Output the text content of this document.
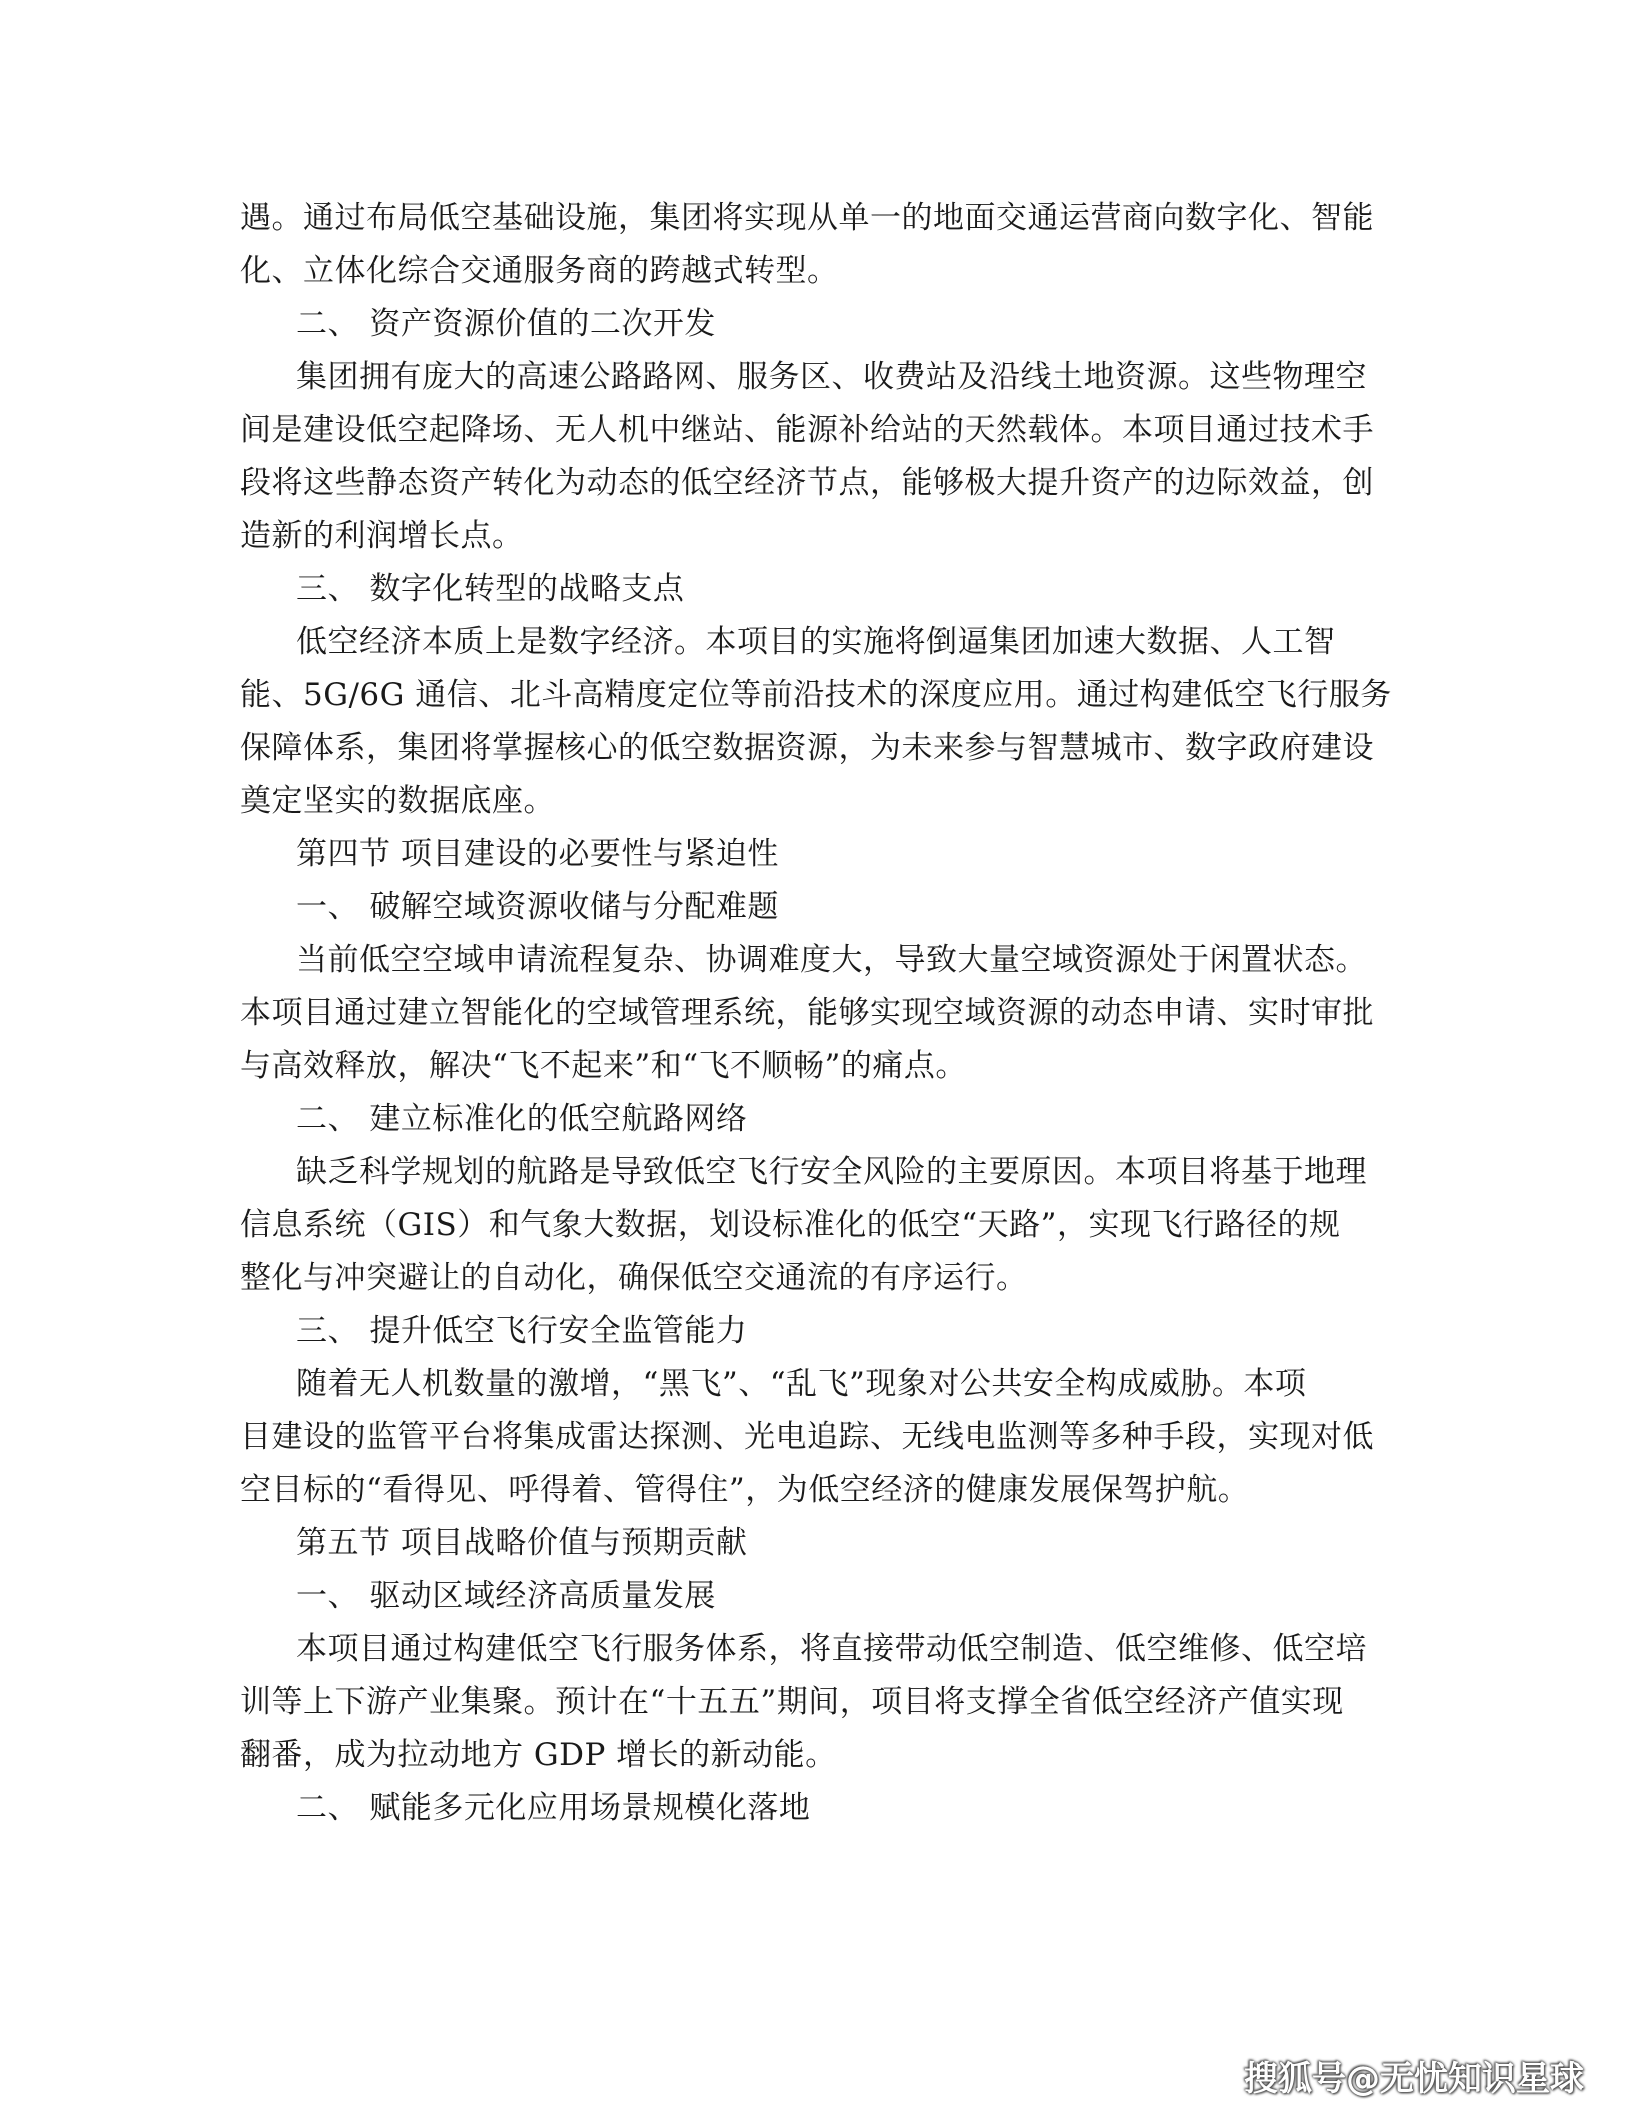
遇。通过布局低空基础设施，集团将实现从单一的地面交通运营商向数字化、智能

化、立体化综合交通服务商的跨越式转型。

二、 资产资源价值的二次开发

集团拥有庞大的高速公路路网、服务区、收费站及沿线土地资源。这些物理空

间是建设低空起降场、无人机中继站、能源补给站的天然载体。本项目通过技术手

段将这些静态资产转化为动态的低空经济节点，能够极大提升资产的边际效益，创

造新的利润增长点。

三、 数字化转型的战略支点

低空经济本质上是数字经济。本项目的实施将倒逼集团加速大数据、人工智

能、5G/6G 通信、北斗高精度定位等前沿技术的深度应用。通过构建低空飞行服务

保障体系，集团将掌握核心的低空数据资源，为未来参与智慧城市、数字政府建设

奠定坚实的数据底座。

第四节 项目建设的必要性与紧迫性

一、 破解空域资源收储与分配难题

当前低空空域申请流程复杂、协调难度大，导致大量空域资源处于闲置状态。

本项目通过建立智能化的空域管理系统，能够实现空域资源的动态申请、实时审批

与高效释放，解决“飞不起来”和“飞不顺畅”的痛点。

二、 建立标准化的低空航路网络

缺乏科学规划的航路是导致低空飞行安全风险的主要原因。本项目将基于地理

信息系统（GIS）和气象大数据，划设标准化的低空“天路”，实现飞行路径的规

整化与冲突避让的自动化，确保低空交通流的有序运行。

三、 提升低空飞行安全监管能力

随着无人机数量的激增，“黑飞”、“乱飞”现象对公共安全构成威胁。本项

目建设的监管平台将集成雷达探测、光电追踪、无线电监测等多种手段，实现对低

空目标的“看得见、呼得着、管得住”，为低空经济的健康发展保驾护航。

第五节 项目战略价值与预期贡献

一、 驱动区域经济高质量发展

本项目通过构建低空飞行服务体系，将直接带动低空制造、低空维修、低空培

训等上下游产业集聚。预计在“十五五”期间，项目将支撑全省低空经济产值实现

翻番，成为拉动地方 GDP 增长的新动能。

二、 赋能多元化应用场景规模化落地

搜狐号@无忧知识星球
